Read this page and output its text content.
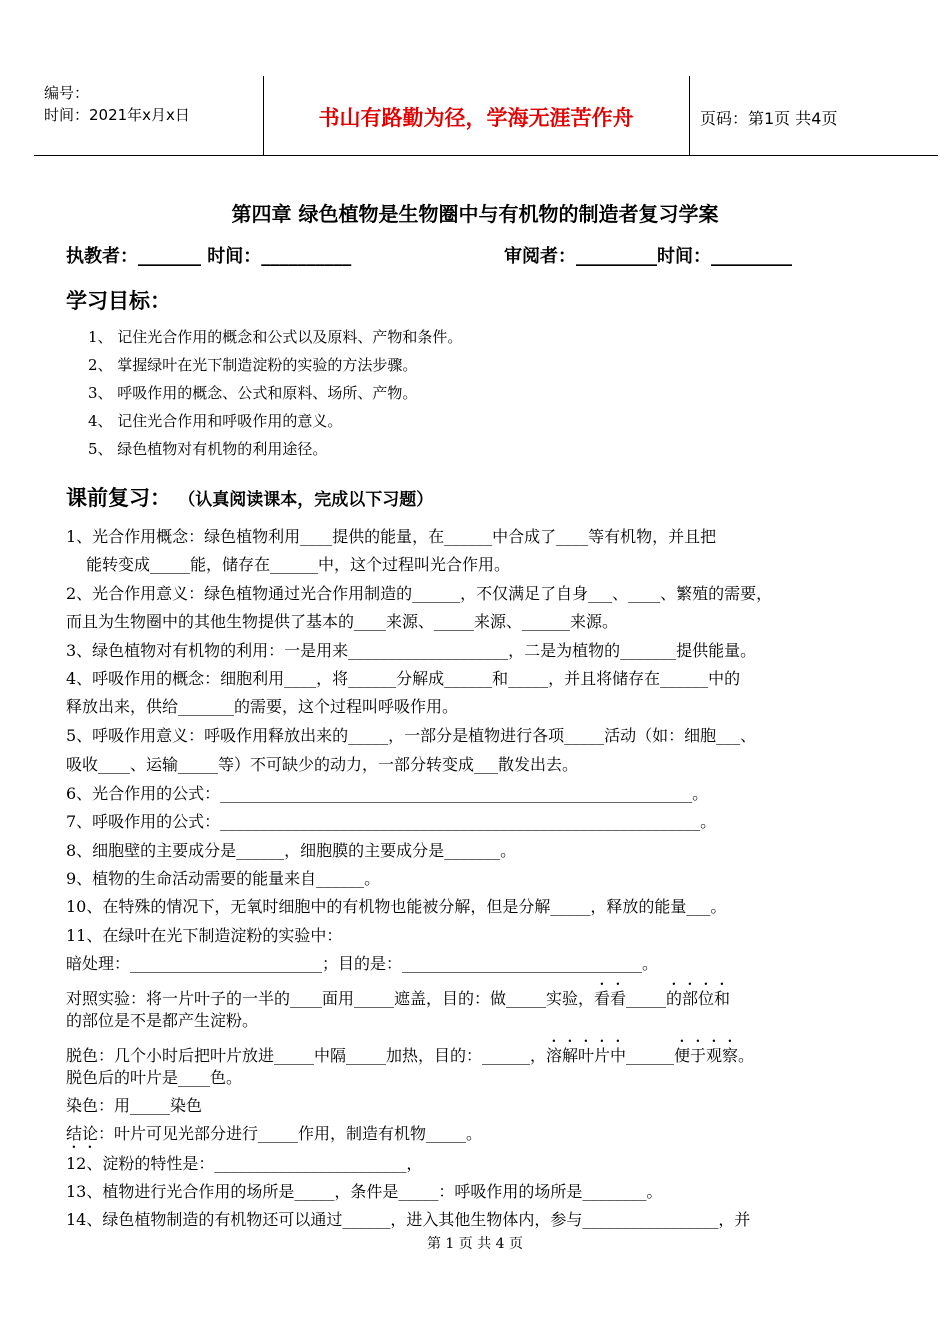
编号：
时间：2021年x月x日	书山有路勤为径，学海无涯苦作舟	页码：第1页 共4页
第四章 绿色植物是生物圈中与有机物的制造者复习学案
执教者：_______ 时间：__________	审阅者：_________时间：_________
学习目标：
1、 记住光合作用的概念和公式以及原料、产物和条件。
2、 掌握绿叶在光下制造淀粉的实验的方法步骤。
3、 呼吸作用的概念、公式和原料、场所、产物。
4、 记住光合作用和呼吸作用的意义。
5、 绿色植物对有机物的利用途径。
课前复习： （认真阅读课本，完成以下习题）
1、光合作用概念：绿色植物利用____提供的能量，在______中合成了____等有机物，并且把
能转变成_____能，储存在______中，这个过程叫光合作用。
2、光合作用意义：绿色植物通过光合作用制造的______，不仅满足了自身___、____、繁殖的需要，
而且为生物圈中的其他生物提供了基本的____来源、_____来源、______来源。
3、绿色植物对有机物的利用：一是用来____________________，二是为植物的_______提供能量。
4、呼吸作用的概念：细胞利用____，将______分解成______和_____，并且将储存在______中的
释放出来，供给_______的需要，这个过程叫呼吸作用。
5、呼吸作用意义：呼吸作用释放出来的_____，一部分是植物进行各项_____活动（如：细胞___、
吸收____、运输_____等）不可缺少的动力，一部分转变成___散发出去。
6、光合作用的公式：___________________________________________________________。
7、呼吸作用的公式：____________________________________________________________。
8、细胞壁的主要成分是______，细胞膜的主要成分是_______。
9、植物的生命活动需要的能量来自______。
10、在特殊的情况下，无氧时细胞中的有机物也能被分解，但是分解_____，释放的能量___。
11、在绿叶在光下制造淀粉的实验中：
暗处理：________________________；目的是：______________________________。
对照实验：将一片叶子的一半的____面用_____遮盖，目的：做_____实验，看看_____的部位和
的部位是不是都产生淀粉。
脱色：几个小时后把叶片放进_____中隔_____加热，目的：______，溶解叶片中______便于观察。
脱色后的叶片是____色。
染色：用_____染色
结论：叶片可见光部分进行_____作用，制造有机物_____。
12、淀粉的特性是：________________________，
13、植物进行光合作用的场所是_____，条件是_____：呼吸作用的场所是________。
14、绿色植物制造的有机物还可以通过______，进入其他生物体内，参与_________________，并
第 1 页 共 4 页
